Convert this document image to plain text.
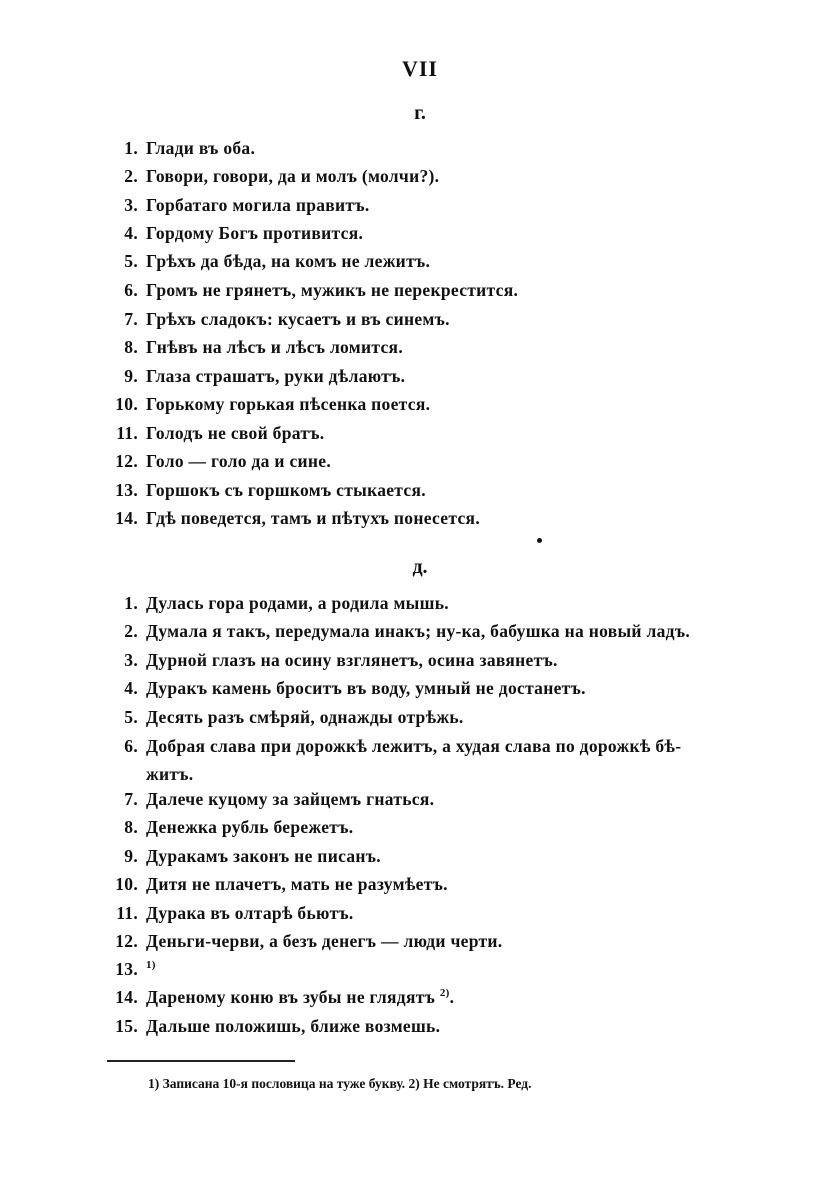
VII
г.
1. Глади въ оба.
2. Говори, говори, да и молъ (молчи?).
3. Горбатаго могила правитъ.
4. Гордому Богъ противится.
5. Грѣхъ да бѣда, на комъ не лежитъ.
6. Громъ не грянетъ, мужикъ не перекрестится.
7. Грѣхъ сладокъ: кусаетъ и въ синемъ.
8. Гнѣвъ на лѣсъ и лѣсъ ломится.
9. Глаза страшатъ, руки дѣлаютъ.
10. Горькому горькая пѣсенка поется.
11. Голодъ не свой братъ.
12. Голо — голо да и сине.
13. Горшокъ съ горшкомъ стыкается.
14. Гдѣ поведется, тамъ и пѣтухъ понесется.
д.
1. Дулась гора родами, а родила мышь.
2. Думала я такъ, передумала инакъ; ну-ка, бабушка на новый ладъ.
3. Дурной глазъ на осину взглянетъ, осина завянетъ.
4. Дуракъ камень броситъ въ воду, умный не достанетъ.
5. Десять разъ смѣряй, однажды отрѣжь.
6. Добрая слава при дорожкѣ лежитъ, а худая слава по дорожкѣ бѣ-
житъ.
7. Далече куцому за зайцемъ гнаться.
8. Денежка рубль бережетъ.
9. Дуракамъ законъ не писанъ.
10. Дитя не плачетъ, мать не разумѣетъ.
11. Дурака въ олтарѣ бьютъ.
12. Деньги-черви, а безъ денегъ — люди черти.
13. $^{1)}$
14. Дареному коню въ зубы не глядятъ $^{2)}$.
15. Дальше положишь, ближе возмешь.
1) Записана 10-я пословица на туже букву. 2) Не смотрятъ. Ред.
